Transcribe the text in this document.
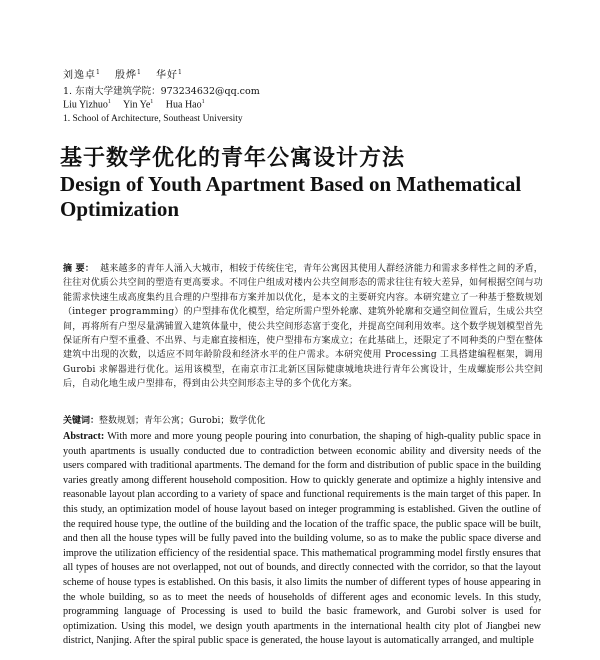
刘逸卓$^1$ 殷烨$^1$ 华好$^1$
1. 东南大学建筑学院：973234632@qq.com
Liu Yizhuo$^1$ Yin Ye$^1$ Hua Hao$^1$
1. School of Architecture, Southeast University
基于数学优化的青年公寓设计方法
Design of Youth Apartment Based on Mathematical Optimization
摘 要： 越来越多的青年人涌入大城市，相较于传统住宅，青年公寓因其使用人群经济能力和需求多样性之间的矛盾，往往对优质公共空间的塑造有更高要求。不同住户组成对楼内公共空间形态的需求往往有较大差异，如何根据空间与功能需求快速生成高度集约且合理的户型排布方案并加以优化，是本文的主要研究内容。本研究建立了一种基于整数规划（integer programming）的户型排布优化模型，给定所需户型外轮廓、建筑外轮廓和交通空间位置后，生成公共空间，再将所有户型尽量满铺置入建筑体量中，使公共空间形态富于变化，并提高空间利用效率。这个数学规划模型首先保证所有户型不重叠、不出界、与走廊直接相连，使户型排布方案成立；在此基础上，还限定了不同种类的户型在整体建筑中出现的次数，以适应不同年龄阶段和经济水平的住户需求。本研究使用 Processing 工具搭建编程框架，调用 Gurobi 求解器进行优化。运用该模型，在南京市江北新区国际健康城地块进行青年公寓设计，生成螺旋形公共空间后，自动化地生成户型排布，得到由公共空间形态主导的多个优化方案。
关键词：整数规划；青年公寓；Gurobi；数学优化
Abstract: With more and more young people pouring into conurbation, the shaping of high-quality public space in youth apartments is usually conducted due to contradiction between economic ability and diversity needs of the users compared with traditional apartments. The demand for the form and distribution of public space in the building varies greatly among different household composition. How to quickly generate and optimize a highly intensive and reasonable layout plan according to a variety of space and functional requirements is the main target of this paper. In this study, an optimization model of house layout based on integer programming is established. Given the outline of the required house type, the outline of the building and the location of the traffic space, the public space will be built, and then all the house types will be fully paved into the building volume, so as to make the public space diverse and improve the utilization efficiency of the residential space. This mathematical programming model firstly ensures that all types of houses are not overlapped, not out of bounds, and directly connected with the corridor, so that the layout scheme of house types is established. On this basis, it also limits the number of different types of house appearing in the whole building, so as to meet the needs of households of different ages and economic levels. In this study, programming language of Processing is used to build the basic framework, and Gurobi solver is used for optimization. Using this model, we design youth apartments in the international health city plot of Jiangbei new district, Nanjing. After the spiral public space is generated, the house layout is automatically arranged, and multiple
